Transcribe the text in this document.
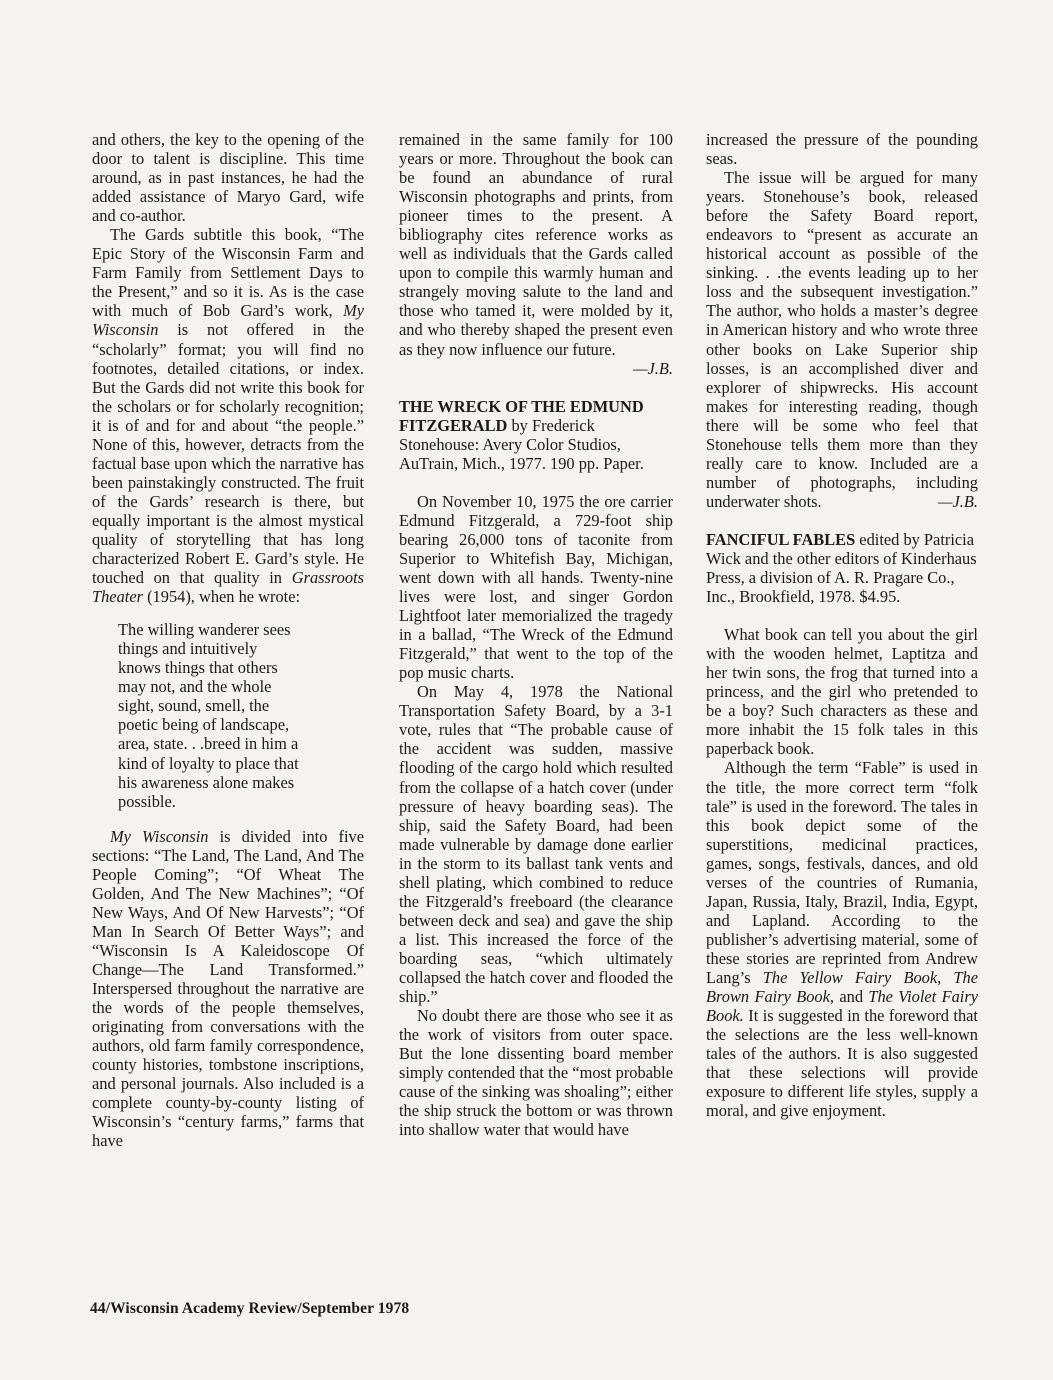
and others, the key to the opening of the door to talent is discipline. This time around, as in past instances, he had the added assistance of Maryo Gard, wife and co-author.

The Gards subtitle this book, “The Epic Story of the Wisconsin Farm and Farm Family from Settlement Days to the Present,” and so it is. As is the case with much of Bob Gard’s work, My Wisconsin is not offered in the “scholarly” format; you will find no footnotes, detailed citations, or index. But the Gards did not write this book for the scholars or for scholarly recognition; it is of and for and about “the people.” None of this, however, detracts from the factual base upon which the narrative has been painstakingly constructed. The fruit of the Gards’ research is there, but equally important is the almost mystical quality of storytelling that has long characterized Robert E. Gard’s style. He touched on that quality in Grassroots Theater (1954), when he wrote:

The willing wanderer sees
things and intuitively
knows things that others
may not, and the whole
sight, sound, smell, the
poetic being of landscape,
area, state. . .breed in him a
kind of loyalty to place that
his awareness alone makes
possible.

My Wisconsin is divided into five sections: “The Land, The Land, And The People Coming”; “Of Wheat The Golden, And The New Machines”; “Of New Ways, And Of New Harvests”; “Of Man In Search Of Better Ways”; and “Wisconsin Is A Kaleidoscope Of Change—The Land Transformed.” Interspersed throughout the narrative are the words of the people themselves, originating from conversations with the authors, old farm family correspondence, county histories, tombstone inscriptions, and personal journals. Also included is a complete county-by-county listing of Wisconsin’s “century farms,” farms that have

remained in the same family for 100 years or more. Throughout the book can be found an abundance of rural Wisconsin photographs and prints, from pioneer times to the present. A bibliography cites reference works as well as individuals that the Gards called upon to compile this warmly human and strangely moving salute to the land and those who tamed it, were molded by it, and who thereby shaped the present even as they now influence our future.

—J.B.

THE WRECK OF THE EDMUND FITZGERALD by Frederick Stonehouse: Avery Color Studios, AuTrain, Mich., 1977. 190 pp. Paper.

On November 10, 1975 the ore carrier Edmund Fitzgerald, a 729-foot ship bearing 26,000 tons of taconite from Superior to Whitefish Bay, Michigan, went down with all hands. Twenty-nine lives were lost, and singer Gordon Lightfoot later memorialized the tragedy in a ballad, “The Wreck of the Edmund Fitzgerald,” that went to the top of the pop music charts.

On May 4, 1978 the National Transportation Safety Board, by a 3-1 vote, rules that “The probable cause of the accident was sudden, massive flooding of the cargo hold which resulted from the collapse of a hatch cover (under pressure of heavy boarding seas). The ship, said the Safety Board, had been made vulnerable by damage done earlier in the storm to its ballast tank vents and shell plating, which combined to reduce the Fitzgerald’s freeboard (the clearance between deck and sea) and gave the ship a list. This increased the force of the boarding seas, “which ultimately collapsed the hatch cover and flooded the ship.”

No doubt there are those who see it as the work of visitors from outer space. But the lone dissenting board member simply contended that the “most probable cause of the sinking was shoaling”; either the ship struck the bottom or was thrown into shallow water that would have

increased the pressure of the pounding seas.

The issue will be argued for many years. Stonehouse’s book, released before the Safety Board report, endeavors to “present as accurate an historical account as possible of the sinking. . .the events leading up to her loss and the subsequent investigation.” The author, who holds a master’s degree in American history and who wrote three other books on Lake Superior ship losses, is an accomplished diver and explorer of shipwrecks. His account makes for interesting reading, though there will be some who feel that Stonehouse tells them more than they really care to know. Included are a number of photographs, including underwater shots.	—J.B.

FANCIFUL FABLES edited by Patricia Wick and the other editors of Kinderhaus Press, a division of A. R. Pragare Co., Inc., Brookfield, 1978. $4.95.

What book can tell you about the girl with the wooden helmet, Laptitza and her twin sons, the frog that turned into a princess, and the girl who pretended to be a boy? Such characters as these and more inhabit the 15 folk tales in this paperback book.

Although the term “Fable” is used in the title, the more correct term “folk tale” is used in the foreword. The tales in this book depict some of the superstitions, medicinal practices, games, songs, festivals, dances, and old verses of the countries of Rumania, Japan, Russia, Italy, Brazil, India, Egypt, and Lapland. According to the publisher’s advertising material, some of these stories are reprinted from Andrew Lang’s The Yellow Fairy Book, The Brown Fairy Book, and The Violet Fairy Book. It is suggested in the foreword that the selections are the less well-known tales of the authors. It is also suggested that these selections will provide exposure to different life styles, supply a moral, and give enjoyment.

44/Wisconsin Academy Review/September 1978
